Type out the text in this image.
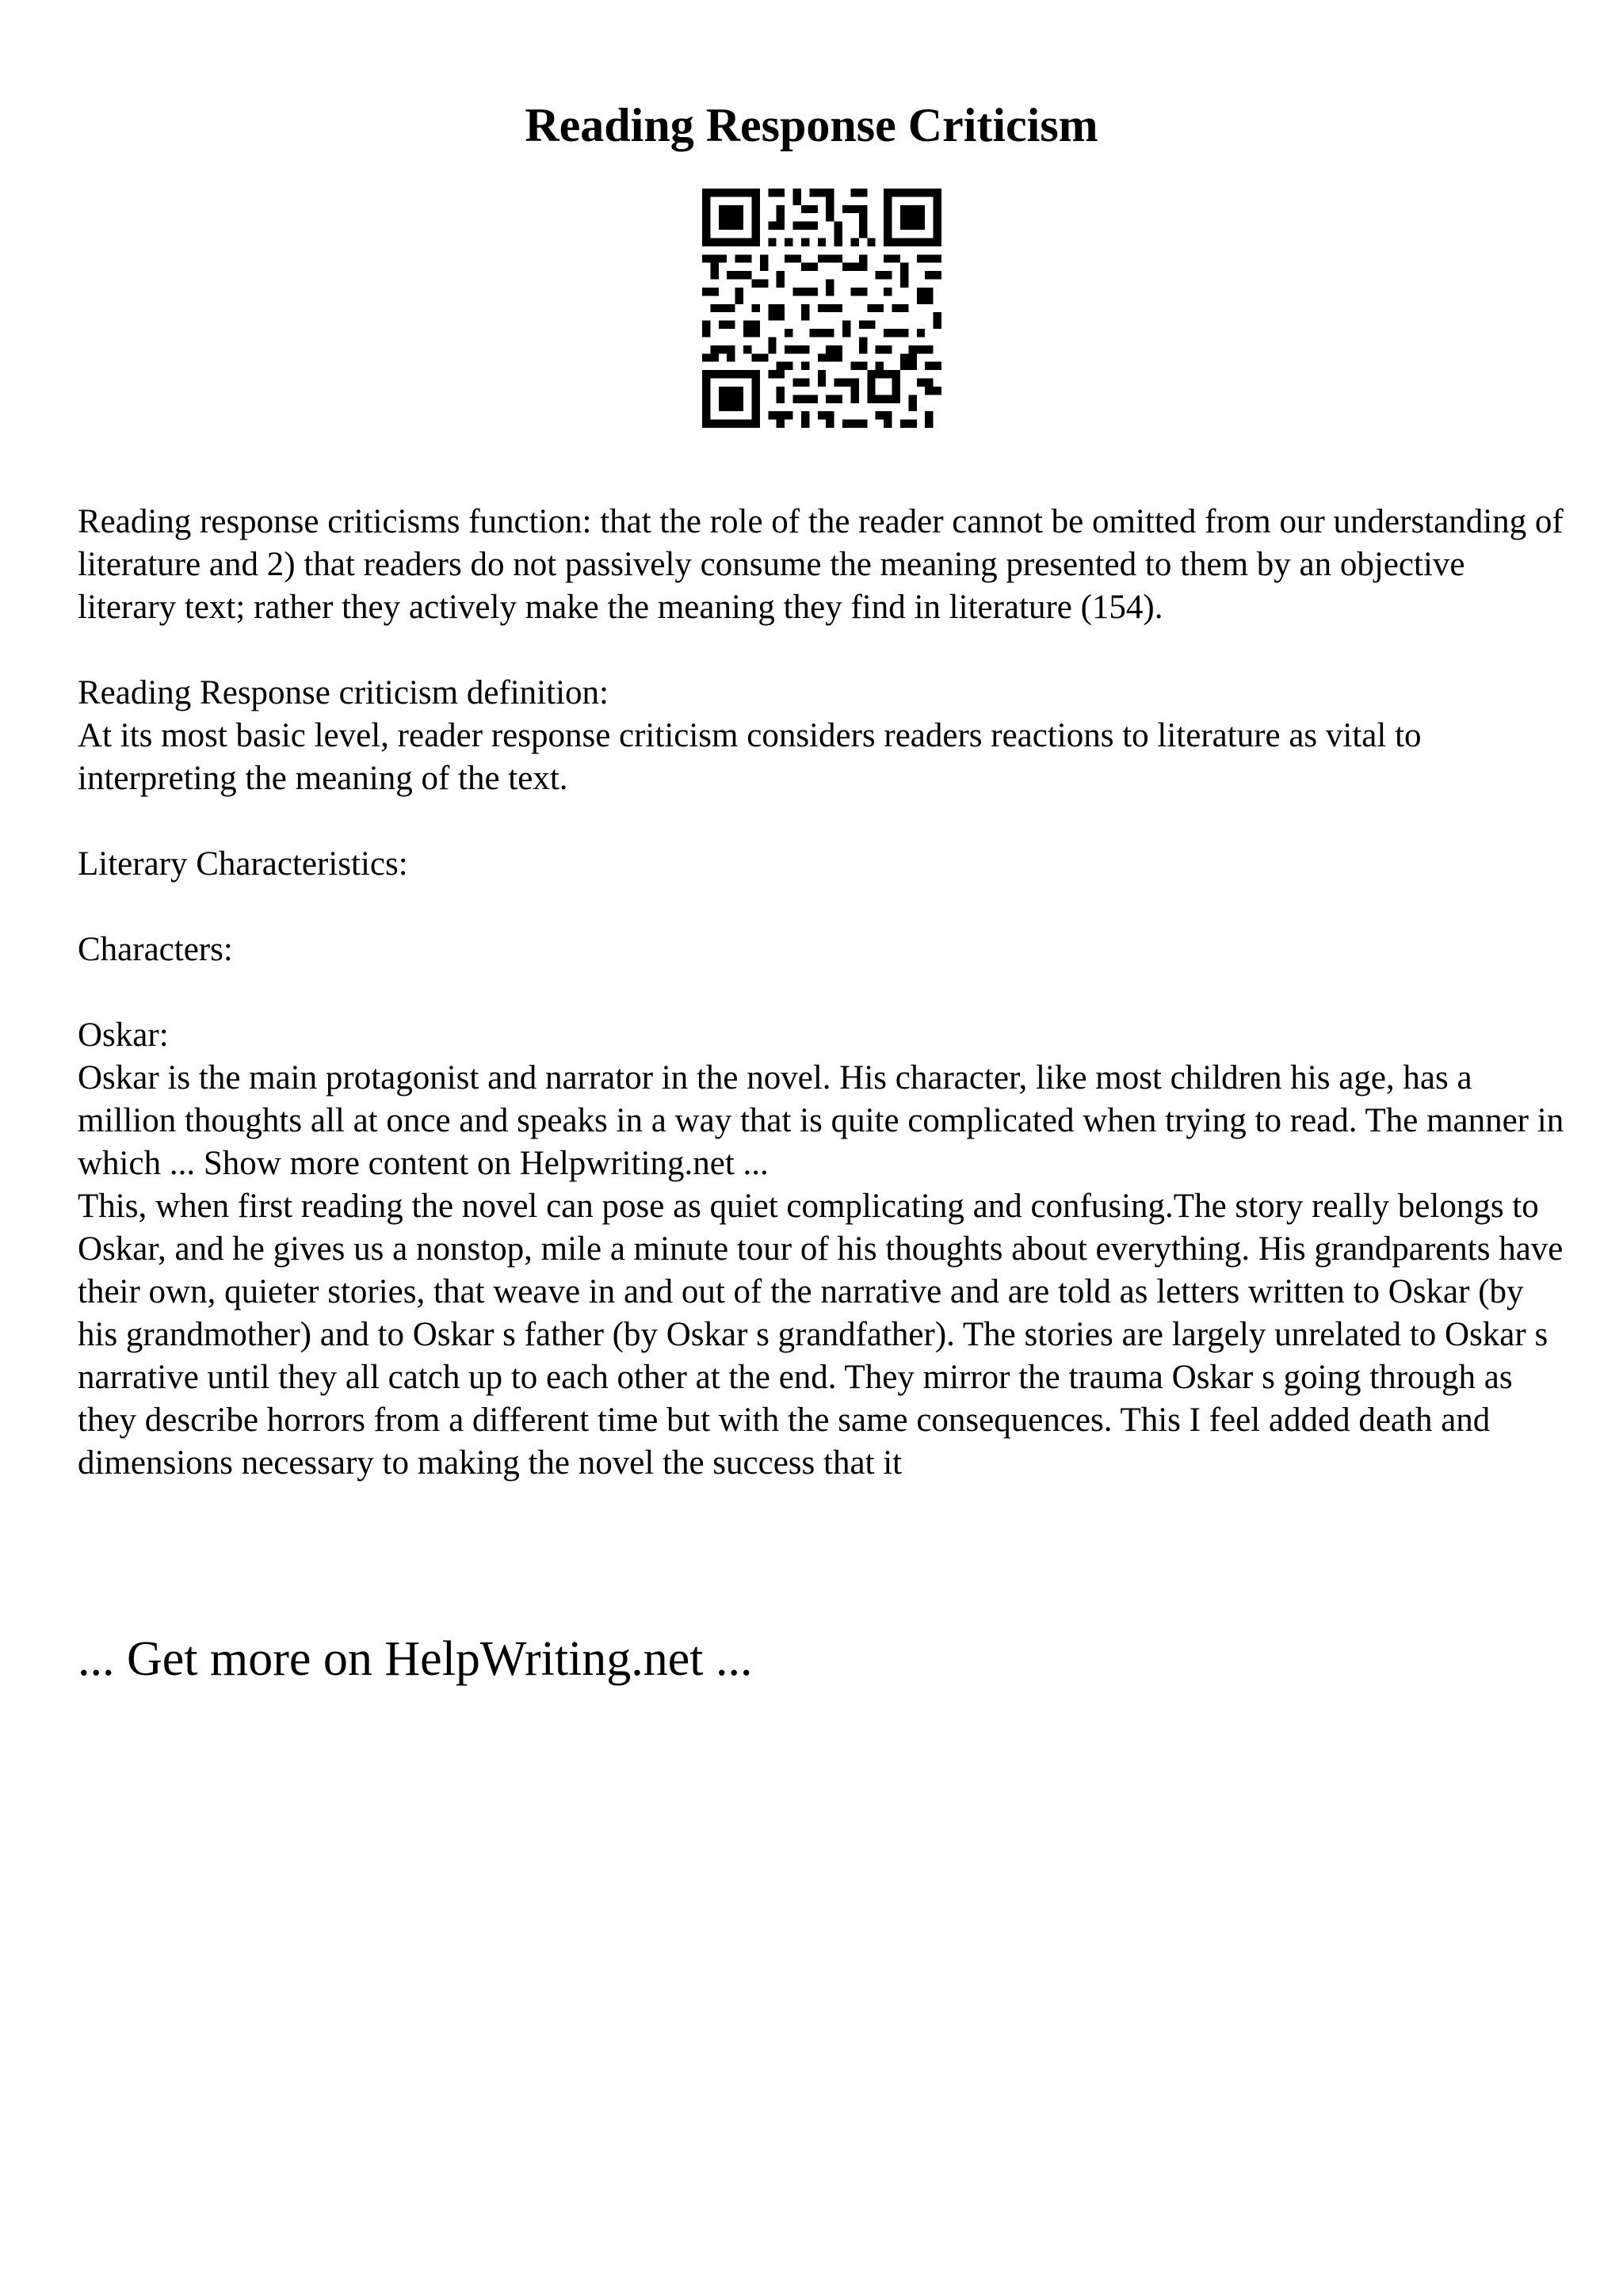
Reading Response Criticism

Reading response criticisms function: that the role of the reader cannot be omitted from our understanding of literature and 2) that readers do not passively consume the meaning presented to them by an objective literary text; rather they actively make the meaning they find in literature (154).

Reading Response criticism definition:

At its most basic level, reader response criticism considers readers reactions to literature as vital to interpreting the meaning of the text.

Literary Characteristics:

Characters:

Oskar:

Oskar is the main protagonist and narrator in the novel. His character, like most children his age, has a million thoughts all at once and speaks in a way that is quite complicated when trying to read. The manner in which ... Show more content on Helpwriting.net ...

This, when first reading the novel can pose as quiet complicating and confusing.The story really belongs to Oskar, and he gives us a nonstop, mile a minute tour of his thoughts about everything. His grandparents have their own, quieter stories, that weave in and out of the narrative and are told as letters written to Oskar (by his grandmother) and to Oskar s father (by Oskar s grandfather). The stories are largely unrelated to Oskar s narrative until they all catch up to each other at the end. They mirror the trauma Oskar s going through as they describe horrors from a different time but with the same consequences. This I feel added death and dimensions necessary to making the novel the success that it

... Get more on HelpWriting.net ...
